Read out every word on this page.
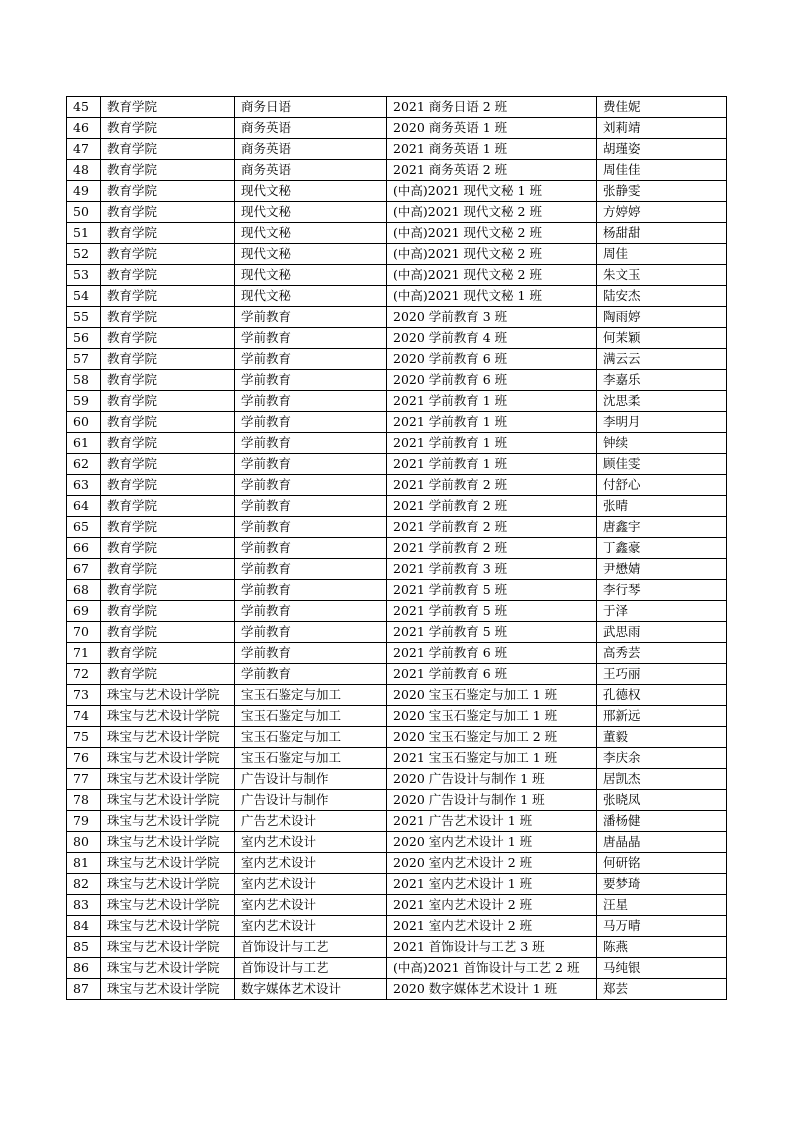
45	教育学院	商务日语	2021 商务日语 2 班	费佳妮
46	教育学院	商务英语	2020 商务英语 1 班	刘莉靖
47	教育学院	商务英语	2021 商务英语 1 班	胡瑾姿
48	教育学院	商务英语	2021 商务英语 2 班	周佳佳
49	教育学院	现代文秘	(中高)2021 现代文秘 1 班	张静雯
50	教育学院	现代文秘	(中高)2021 现代文秘 2 班	方婷婷
51	教育学院	现代文秘	(中高)2021 现代文秘 2 班	杨甜甜
52	教育学院	现代文秘	(中高)2021 现代文秘 2 班	周佳
53	教育学院	现代文秘	(中高)2021 现代文秘 2 班	朱文玉
54	教育学院	现代文秘	(中高)2021 现代文秘 1 班	陆安杰
55	教育学院	学前教育	2020 学前教育 3 班	陶雨婷
56	教育学院	学前教育	2020 学前教育 4 班	何茉颖
57	教育学院	学前教育	2020 学前教育 6 班	满云云
58	教育学院	学前教育	2020 学前教育 6 班	李嘉乐
59	教育学院	学前教育	2021 学前教育 1 班	沈思柔
60	教育学院	学前教育	2021 学前教育 1 班	李明月
61	教育学院	学前教育	2021 学前教育 1 班	钟续
62	教育学院	学前教育	2021 学前教育 1 班	顾佳雯
63	教育学院	学前教育	2021 学前教育 2 班	付舒心
64	教育学院	学前教育	2021 学前教育 2 班	张晴
65	教育学院	学前教育	2021 学前教育 2 班	唐鑫宇
66	教育学院	学前教育	2021 学前教育 2 班	丁鑫豪
67	教育学院	学前教育	2021 学前教育 3 班	尹懋婧
68	教育学院	学前教育	2021 学前教育 5 班	李行琴
69	教育学院	学前教育	2021 学前教育 5 班	于泽
70	教育学院	学前教育	2021 学前教育 5 班	武思雨
71	教育学院	学前教育	2021 学前教育 6 班	高秀芸
72	教育学院	学前教育	2021 学前教育 6 班	王巧丽
73	珠宝与艺术设计学院	宝玉石鉴定与加工	2020 宝玉石鉴定与加工 1 班	孔德权
74	珠宝与艺术设计学院	宝玉石鉴定与加工	2020 宝玉石鉴定与加工 1 班	邢新远
75	珠宝与艺术设计学院	宝玉石鉴定与加工	2020 宝玉石鉴定与加工 2 班	董毅
76	珠宝与艺术设计学院	宝玉石鉴定与加工	2021 宝玉石鉴定与加工 1 班	李庆余
77	珠宝与艺术设计学院	广告设计与制作	2020 广告设计与制作 1 班	居凯杰
78	珠宝与艺术设计学院	广告设计与制作	2020 广告设计与制作 1 班	张晓凤
79	珠宝与艺术设计学院	广告艺术设计	2021 广告艺术设计 1 班	潘杨健
80	珠宝与艺术设计学院	室内艺术设计	2020 室内艺术设计 1 班	唐晶晶
81	珠宝与艺术设计学院	室内艺术设计	2020 室内艺术设计 2 班	何研铭
82	珠宝与艺术设计学院	室内艺术设计	2021 室内艺术设计 1 班	要梦琦
83	珠宝与艺术设计学院	室内艺术设计	2021 室内艺术设计 2 班	汪星
84	珠宝与艺术设计学院	室内艺术设计	2021 室内艺术设计 2 班	马万晴
85	珠宝与艺术设计学院	首饰设计与工艺	2021 首饰设计与工艺 3 班	陈燕
86	珠宝与艺术设计学院	首饰设计与工艺	(中高)2021 首饰设计与工艺 2 班	马纯银
87	珠宝与艺术设计学院	数字媒体艺术设计	2020 数字媒体艺术设计 1 班	郑芸
